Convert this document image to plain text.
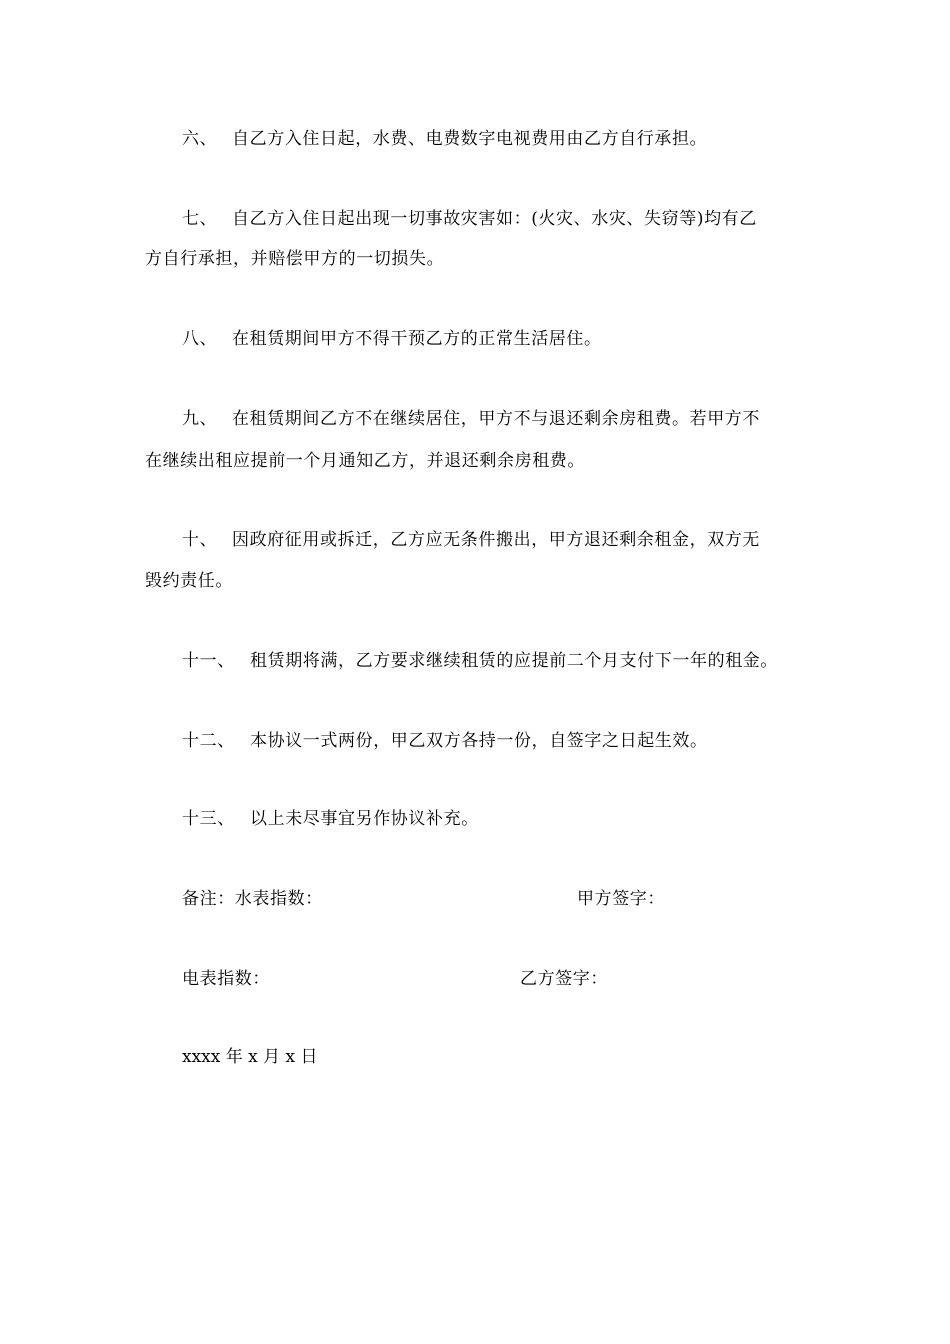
六、 自乙方入住日起，水费、电费数字电视费用由乙方自行承担。
七、 自乙方入住日起出现一切事故灾害如：(火灾、水灾、失窃等)均有乙
方自行承担，并赔偿甲方的一切损失。
八、 在租赁期间甲方不得干预乙方的正常生活居住。
九、 在租赁期间乙方不在继续居住，甲方不与退还剩余房租费。若甲方不
在继续出租应提前一个月通知乙方，并退还剩余房租费。
十、 因政府征用或拆迁，乙方应无条件搬出，甲方退还剩余租金，双方无
毁约责任。
十一、 租赁期将满，乙方要求继续租赁的应提前二个月支付下一年的租金。
十二、 本协议一式两份，甲乙双方各持一份，自签字之日起生效。
十三、 以上未尽事宜另作协议补充。
备注：水表指数：	甲方签字：
电表指数：	乙方签字：
xxxx 年 x 月 x 日
